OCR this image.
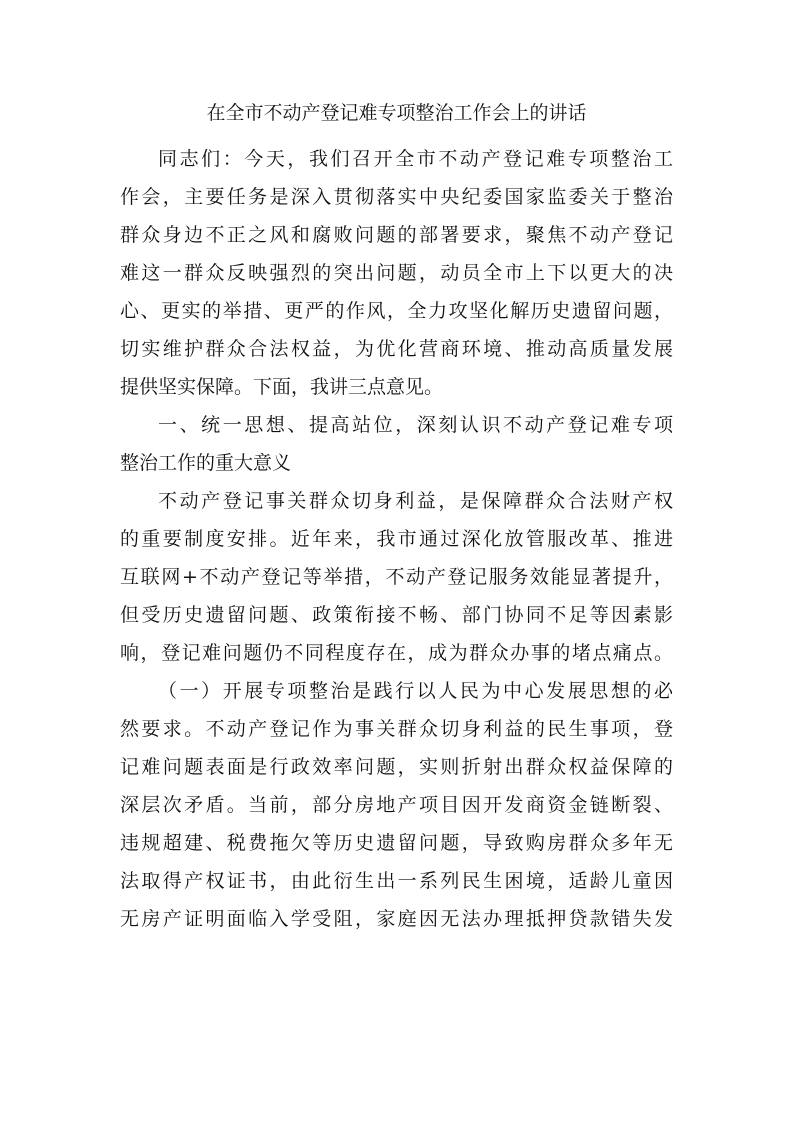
在全市不动产登记难专项整治工作会上的讲话
同志们：今天，我们召开全市不动产登记难专项整治工
作会，主要任务是深入贯彻落实中央纪委国家监委关于整治
群众身边不正之风和腐败问题的部署要求，聚焦不动产登记
难这一群众反映强烈的突出问题，动员全市上下以更大的决
心、更实的举措、更严的作风，全力攻坚化解历史遗留问题，
切实维护群众合法权益，为优化营商环境、推动高质量发展
提供坚实保障。下面，我讲三点意见。
一、统一思想、提高站位，深刻认识不动产登记难专项
整治工作的重大意义
不动产登记事关群众切身利益，是保障群众合法财产权
的重要制度安排。近年来，我市通过深化放管服改革、推进
互联网+不动产登记等举措，不动产登记服务效能显著提升，
但受历史遗留问题、政策衔接不畅、部门协同不足等因素影
响，登记难问题仍不同程度存在，成为群众办事的堵点痛点。
（一）开展专项整治是践行以人民为中心发展思想的必
然要求。不动产登记作为事关群众切身利益的民生事项，登
记难问题表面是行政效率问题，实则折射出群众权益保障的
深层次矛盾。当前，部分房地产项目因开发商资金链断裂、
违规超建、税费拖欠等历史遗留问题，导致购房群众多年无
法取得产权证书，由此衍生出一系列民生困境，适龄儿童因
无房产证明面临入学受阻，家庭因无法办理抵押贷款错失发
